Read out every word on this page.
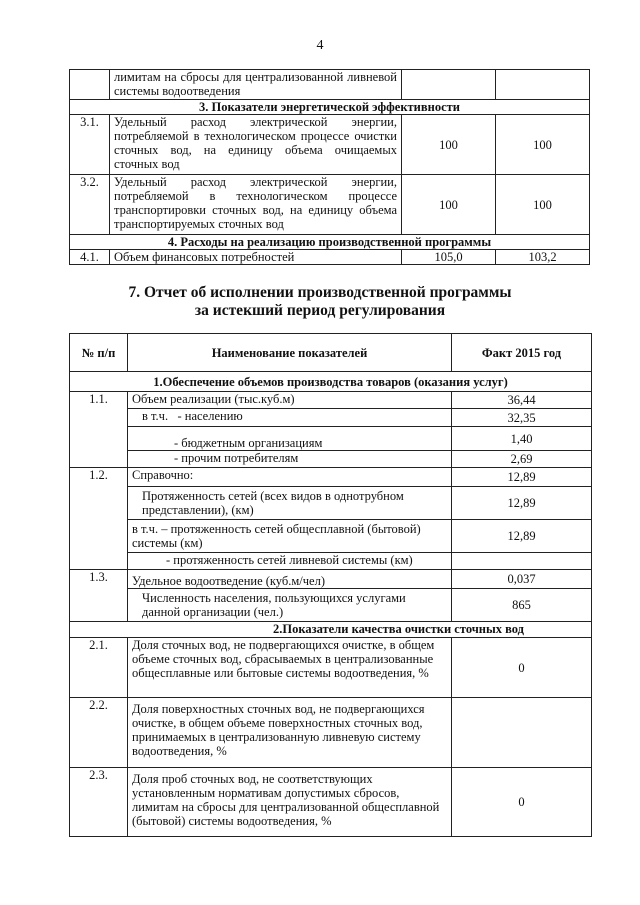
4
	лимитам на сбросы для централизованной ливневой системы водоотведения		
3. Показатели энергетической эффективности			
3.1.	Удельный расход электрической энергии, потребляемой в технологическом процессе очистки сточных вод, на единицу объема очищаемых сточных вод	100	100
3.2.	Удельный расход электрической энергии, потребляемой в технологическом процессе транспортировки сточных вод, на единицу объема транспортируемых сточных вод	100	100
4. Расходы на реализацию производственной программы			
4.1.	Объем финансовых потребностей	105,0	103,2
7. Отчет об исполнении производственной программы
за истекший период регулирования
№ п/п	Наименование показателей	Факт 2015 год
1.Обеспечение объемов производства товаров (оказания услуг)		
1.1.	Объем реализации (тыс.куб.м)	36,44
	в т.ч.   - населению	32,35
	- бюджетным организациям	1,40
	- прочим потребителям	2,69
1.2.	Справочно:	12,89
	Протяженность сетей (всех видов в однотрубном представлении), (км)	12,89
	в т.ч. – протяженность сетей общесплавной (бытовой) системы (км)	12,89
	- протяженность сетей ливневой системы (км)	
1.3.	Удельное водоотведение (куб.м/чел)	0,037
	Численность населения, пользующихся услугами данной организации (чел.)	865
2.Показатели качества очистки сточных вод		
2.1.	Доля сточных вод, не подвергающихся очистке, в общем объеме сточных вод, сбрасываемых в централизованные общесплавные или бытовые системы водоотведения, %	0
2.2.	Доля поверхностных сточных вод, не подвергающихся очистке, в общем объеме поверхностных сточных вод, принимаемых в централизованную ливневую систему водоотведения, %	
2.3.	Доля проб сточных вод, не соответствующих установленным нормативам допустимых сбросов, лимитам на сбросы для централизованной общесплавной (бытовой) системы водоотведения, %	0
